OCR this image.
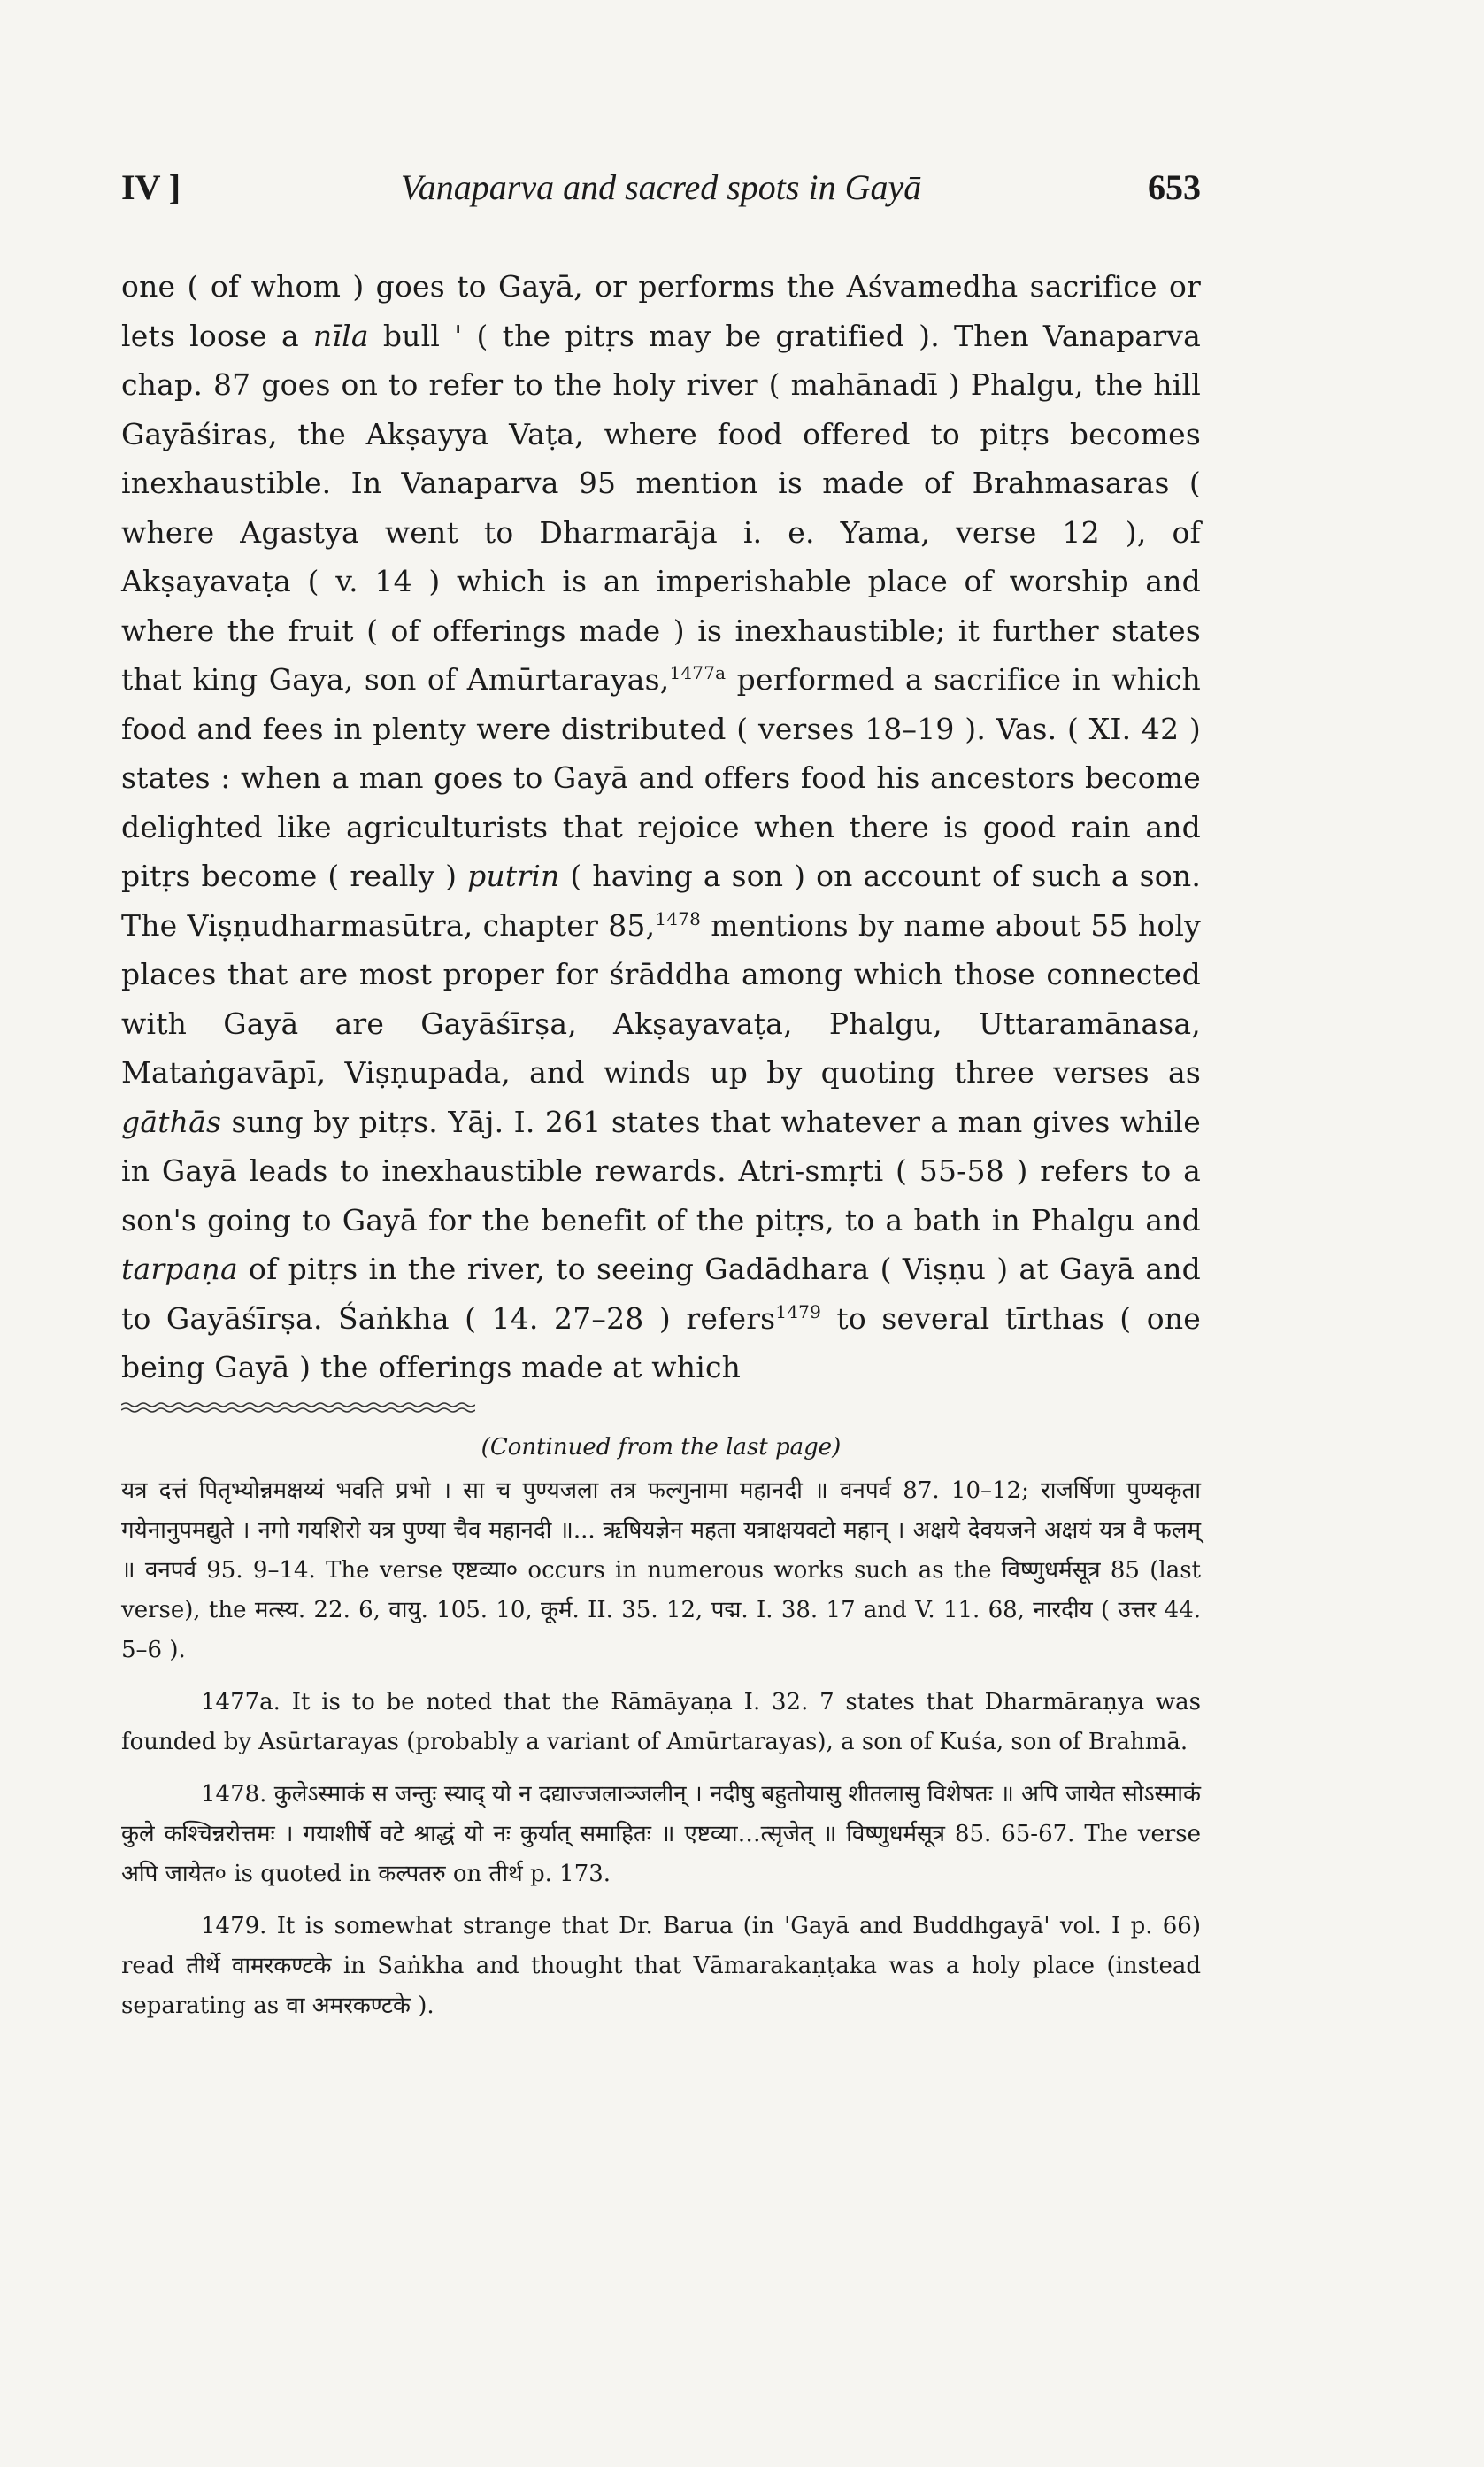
IV ]	Vanaparva and sacred spots in Gayā	653

one ( of whom ) goes to Gayā, or performs the Aśvamedha sacrifice or lets loose a nīla bull ' ( the pitṛs may be gratified ). Then Vanaparva chap. 87 goes on to refer to the holy river ( mahānadī ) Phalgu, the hill Gayāśiras, the Akṣayya Vaṭa, where food offered to pitṛs becomes inexhaustible. In Vanaparva 95 mention is made of Brahmasaras ( where Agastya went to Dharmarāja i. e. Yama, verse 12 ), of Akṣayavaṭa ( v. 14 ) which is an imperishable place of worship and where the fruit ( of offerings made ) is inexhaustible; it further states that king Gaya, son of Amūrtarayas,$^{1477a}$ performed a sacrifice in which food and fees in plenty were distributed ( verses 18–19 ). Vas. ( XI. 42 ) states : when a man goes to Gayā and offers food his ancestors become delighted like agriculturists that rejoice when there is good rain and pitṛs become ( really ) putrin ( having a son ) on account of such a son. The Viṣṇudharmasūtra, chapter 85,$^{1478}$ mentions by name about 55 holy places that are most proper for śrāddha among which those connected with Gayā are Gayāśīrṣa, Akṣayavaṭa, Phalgu, Uttaramānasa, Mataṅgavāpī, Viṣṇupada, and winds up by quoting three verses as gāthās sung by pitṛs. Yāj. I. 261 states that whatever a man gives while in Gayā leads to inexhaustible rewards. Atri-smṛti ( 55-58 ) refers to a son's going to Gayā for the benefit of the pitṛs, to a bath in Phalgu and tarpaṇa of pitṛs in the river, to seeing Gadādhara ( Viṣṇu ) at Gayā and to Gayāśīrṣa. Śaṅkha ( 14. 27–28 ) refers$^{1479}$ to several tīrthas ( one being Gayā ) the offerings made at which

(Continued from the last page)

यत्र दत्तं पितृभ्योन्नमक्षय्यं भवति प्रभो । सा च पुण्यजला तत्र फल्गुनामा महानदी ॥ वनपर्व 87. 10–12; राजर्षिणा पुण्यकृता गयेनानुपमद्युते । नगो गयशिरो यत्र पुण्या चैव महानदी ॥... ऋषियज्ञेन महता यत्राक्षयवटो महान् । अक्षये देवयजने अक्षयं यत्र वै फलम् ॥ वनपर्व 95. 9–14. The verse एष्टव्या० occurs in numerous works such as the विष्णुधर्मसूत्र 85 (last verse), the मत्स्य. 22. 6, वायु. 105. 10, कूर्म. II. 35. 12, पद्म. I. 38. 17 and V. 11. 68, नारदीय ( उत्तर 44. 5–6 ).

1477a. It is to be noted that the Rāmāyaṇa I. 32. 7 states that Dharmāraṇya was founded by Asūrtarayas (probably a variant of Amūrtarayas), a son of Kuśa, son of Brahmā.

1478. कुलेऽस्माकं स जन्तुः स्याद् यो न दद्याज्जलाञ्जलीन् । नदीषु बहुतोयासु शीतलासु विशेषतः ॥ अपि जायेत सोऽस्माकं कुले कश्चिन्नरोत्तमः । गयाशीर्षे वटे श्राद्धं यो नः कुर्यात् समाहितः ॥ एष्टव्या…त्सृजेत् ॥ विष्णुधर्मसूत्र 85. 65-67. The verse अपि जायेत० is quoted in कल्पतरु on तीर्थ p. 173.

1479. It is somewhat strange that Dr. Barua (in 'Gayā and Buddhgayā' vol. I p. 66) read तीर्थे वामरकण्टके in Saṅkha and thought that Vāmarakaṇṭaka was a holy place (instead separating as वा अमरकण्टके ).
